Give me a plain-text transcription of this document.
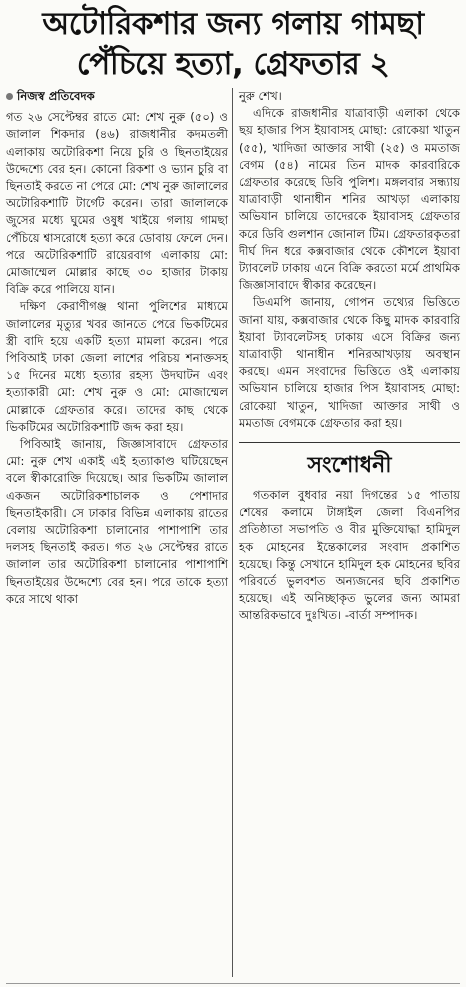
অটোরিকশার জন্য গলায় গামছা
পেঁচিয়ে হত্যা, গ্রেফতার ২
নিজস্ব প্রতিবেদক

গত ২৬ সেপ্টেম্বর রাতে মো: শেখ নুরু (৫০) ও জালাল শিকদার (৪৬) রাজধানীর কদমতলী এলাকায় অটোরিকশা নিয়ে চুরি ও ছিনতাইয়ের উদ্দেশ্যে বের হন। কোনো রিকশা ও ভ্যান চুরি বা ছিনতাই করতে না পেরে মো: শেখ নুরু জালালের অটোরিকশাটি টার্গেট করেন। তারা জালালকে জুসের মধ্যে ঘুমের ওষুধ খাইয়ে গলায় গামছা পেঁচিয়ে শ্বাসরোধে হত্যা করে ডোবায় ফেলে দেন। পরে অটোরিকশাটি রায়েরবাগ এলাকায় মো: মোজাম্মেল মোল্লার কাছে ৩০ হাজার টাকায় বিক্রি করে পালিয়ে যান।

দক্ষিণ কেরাণীগঞ্জ থানা পুলিশের মাধ্যমে জালালের মৃত্যুর খবর জানতে পেরে ভিকটিমের স্ত্রী বাদি হয়ে একটি হত্যা মামলা করেন। পরে পিবিআই ঢাকা জেলা লাশের পরিচয় শনাক্তসহ ১৫ দিনের মধ্যে হত্যার রহস্য উদঘাটন এবং হত্যাকারী মো: শেখ নুরু ও মো: মোজাম্মেল মোল্লাকে গ্রেফতার করে। তাদের কাছ থেকে ভিকটিমের অটোরিকশাটি জব্দ করা হয়।

পিবিআই জানায়, জিজ্ঞাসাবাদে গ্রেফতার মো: নুরু শেখ একাই এই হত্যাকাণ্ড ঘটিয়েছেন বলে স্বীকারোক্তি দিয়েছে। আর ভিকটিম জালাল একজন অটোরিকশাচালক ও পেশাদার ছিনতাইকারী। সে ঢাকার বিভিন্ন এলাকায় রাতের বেলায় অটোরিকশা চালানোর পাশাপাশি তার দলসহ ছিনতাই করত। গত ২৬ সেপ্টেম্বর রাতে জালাল তার অটোরিকশা চালানোর পাশাপাশি ছিনতাইয়ের উদ্দেশ্যে বের হন। পরে তাকে হত্যা করে সাথে থাকা

নুরু শেখ।

এদিকে রাজধানীর যাত্রাবাড়ী এলাকা থেকে ছয় হাজার পিস ইয়াবাসহ মোছা: রোকেয়া খাতুন (৫৫), খাদিজা আক্তার সাথী (২৫) ও মমতাজ বেগম (৫৪) নামের তিন মাদক কারবারিকে গ্রেফতার করেছে ডিবি পুলিশ। মঙ্গলবার সন্ধ্যায় যাত্রাবাড়ী থানাধীন শনির আখড়া এলাকায় অভিযান চালিয়ে তাদেরকে ইয়াবাসহ গ্রেফতার করে ডিবি গুলশান জোনাল টিম। গ্রেফতারকৃতরা দীর্ঘ দিন ধরে কক্সবাজার থেকে কৌশলে ইয়াবা ট্যাবলেট ঢাকায় এনে বিক্রি করতো মর্মে প্রাথমিক জিজ্ঞাসাবাদে স্বীকার করেছেন।

ডিএমপি জানায়, গোপন তথ্যের ভিত্তিতে জানা যায়, কক্সবাজার থেকে কিছু মাদক কারবারি ইয়াবা ট্যাবলেটসহ ঢাকায় এসে বিক্রির জন্য যাত্রাবাড়ী থানাধীন শনিরআখড়ায় অবস্থান করছে। এমন সংবাদের ভিত্তিতে ওই এলাকায় অভিযান চালিয়ে হাজার পিস ইয়াবাসহ মোছা: রোকেয়া খাতুন, খাদিজা আক্তার সাথী ও মমতাজ বেগমকে গ্রেফতার করা হয়।

সংশোধনী

গতকাল বুধবার নয়া দিগন্তের ১৫ পাতায় শেষের কলামে টাঙ্গাইল জেলা বিএনপির প্রতিষ্ঠাতা সভাপতি ও বীর মুক্তিযোদ্ধা হামিদুল হক মোহনের ইন্তেকালের সংবাদ প্রকাশিত হয়েছে। কিন্তু সেখানে হামিদুল হক মোহনের ছবির পরিবর্তে ভুলবশত অন্যজনের ছবি প্রকাশিত হয়েছে। এই অনিচ্ছাকৃত ভুলের জন্য আমরা আন্তরিকভাবে দুঃখিত। -বার্তা সম্পাদক।
